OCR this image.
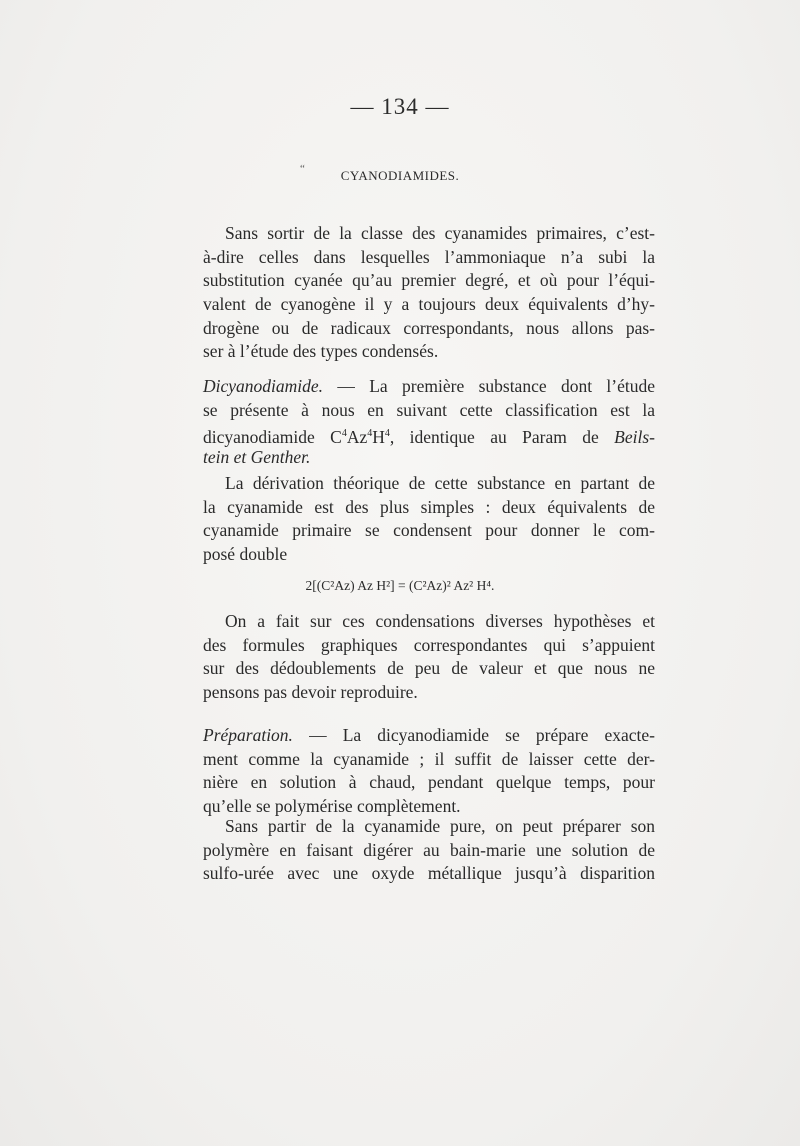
— 134 —
“	CYANODIAMIDES.
Sans sortir de la classe des cyanamides primaires, c’est-
à-dire celles dans lesquelles l’ammoniaque n’a subi la
substitution cyanée qu’au premier degré, et où pour l’équi-
valent de cyanogène il y a toujours deux équivalents d’hy-
drogène ou de radicaux correspondants, nous allons pas-
ser à l’étude des types condensés.
Dicyanodiamide. — La première substance dont l’étude
se présente à nous en suivant cette classification est la
dicyanodiamide $C^4Az^4H^4$, identique au Param de Beils-
tein et Genther.
La dérivation théorique de cette substance en partant de
la cyanamide est des plus simples : deux équivalents de
cyanamide primaire se condensent pour donner le com-
posé double
2[(C²Az) Az H²] = (C²Az)² Az² H⁴.
On a fait sur ces condensations diverses hypothèses et
des formules graphiques correspondantes qui s’appuient
sur des dédoublements de peu de valeur et que nous ne
pensons pas devoir reproduire.
Préparation. — La dicyanodiamide se prépare exacte-
ment comme la cyanamide ; il suffit de laisser cette der-
nière en solution à chaud, pendant quelque temps, pour
qu’elle se polymérise complètement.
Sans partir de la cyanamide pure, on peut préparer son
polymère en faisant digérer au bain-marie une solution de
sulfo-urée avec une oxyde métallique jusqu’à disparition
